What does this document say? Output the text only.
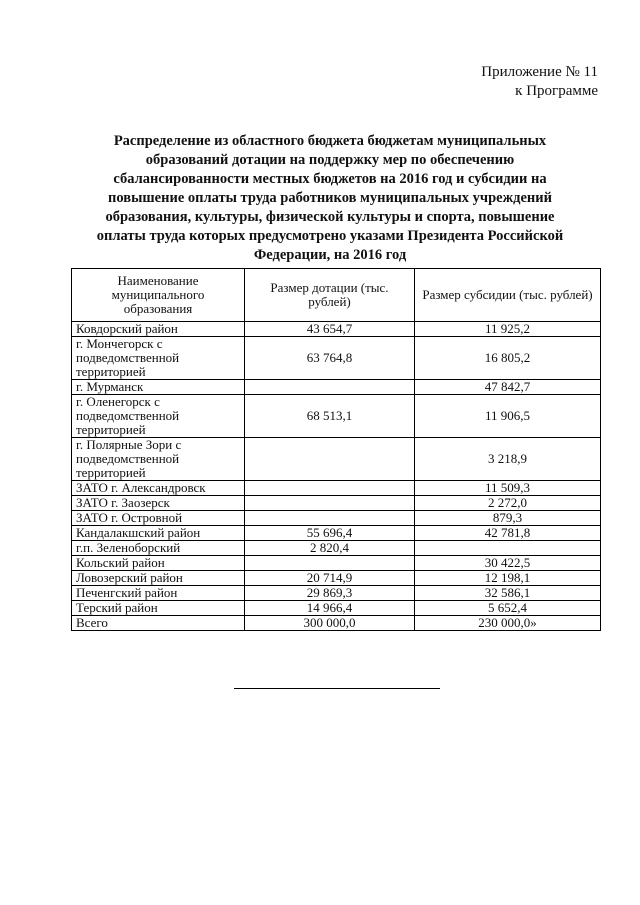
Приложение № 11
к Программе
Распределение из областного бюджета бюджетам муниципальных образований дотации на поддержку мер по обеспечению сбалансированности местных бюджетов на 2016 год и субсидии на повышение оплаты труда работников муниципальных учреждений образования, культуры, физической культуры и спорта, повышение оплаты труда которых предусмотрено указами Президента Российской Федерации, на 2016 год
Наименование муниципального образования	Размер дотации (тыс. рублей)	Размер субсидии (тыс. рублей)
Ковдорский район	43 654,7	11 925,2
г. Мончегорск с подведомственной территорией	63 764,8	16 805,2
г. Мурманск		47 842,7
г. Оленегорск с подведомственной территорией	68 513,1	11 906,5
г. Полярные Зори с подведомственной территорией		3 218,9
ЗАТО г. Александровск		11 509,3
ЗАТО г. Заозерск		2 272,0
ЗАТО г. Островной		879,3
Кандалакшский район	55 696,4	42 781,8
г.п. Зеленоборский	2 820,4	
Кольский район		30 422,5
Ловозерский район	20 714,9	12 198,1
Печенгский район	29 869,3	32 586,1
Терский район	14 966,4	5 652,4
Всего	300 000,0	230 000,0»
